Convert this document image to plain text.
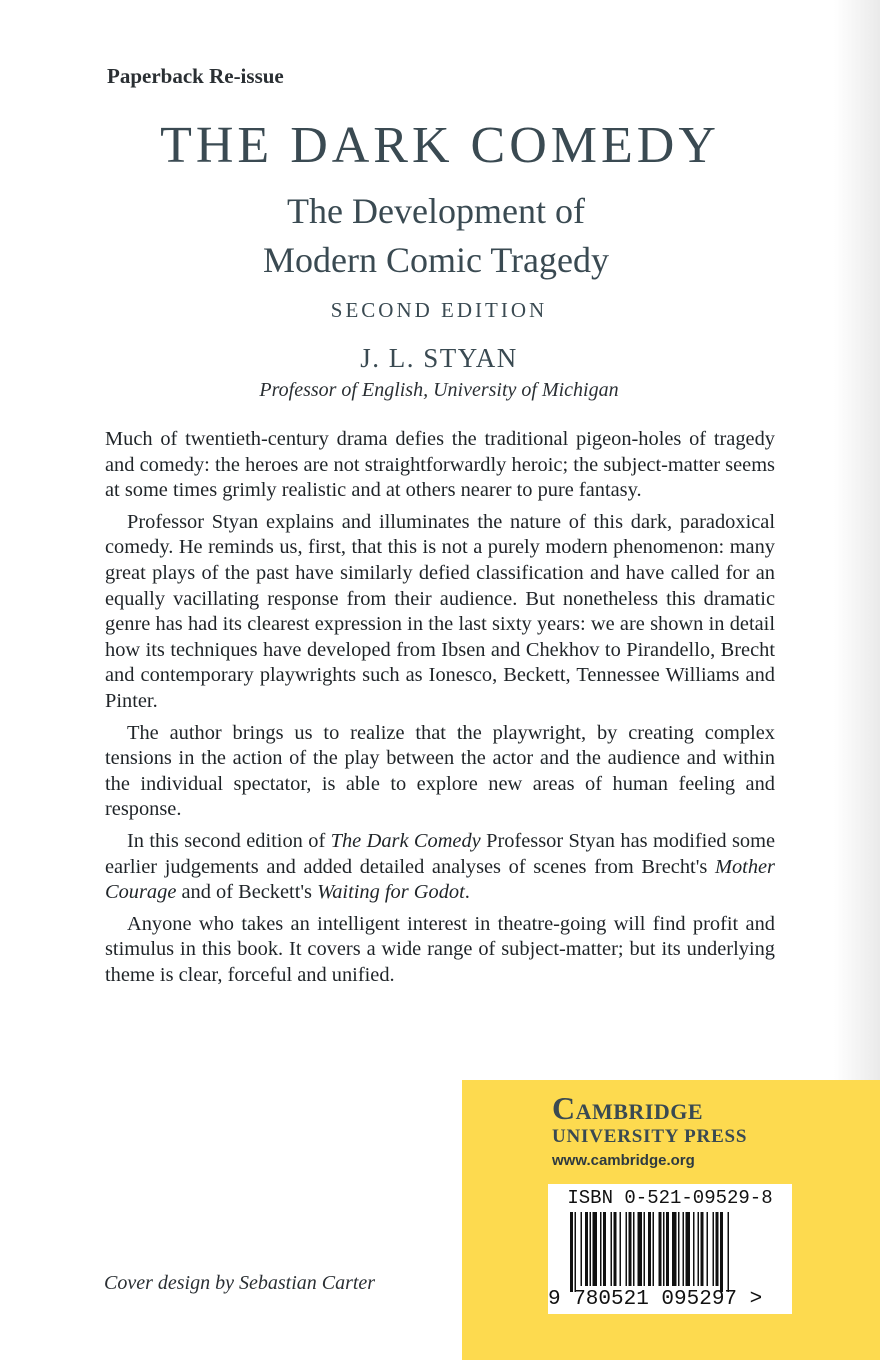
Paperback Re-issue
THE DARK COMEDY
The Development of
Modern Comic Tragedy
SECOND EDITION
J. L. STYAN
Professor of English, University of Michigan

Much of twentieth-century drama defies the traditional pigeon-holes of tragedy and comedy: the heroes are not straightforwardly heroic; the subject-matter seems at some times grimly realistic and at others nearer to pure fantasy.

Professor Styan explains and illuminates the nature of this dark, paradoxical comedy. He reminds us, first, that this is not a purely modern phenomenon: many great plays of the past have similarly defied classification and have called for an equally vacillating response from their audience. But nonetheless this dramatic genre has had its clearest expression in the last sixty years: we are shown in detail how its techniques have developed from Ibsen and Chekhov to Pirandello, Brecht and contemporary playwrights such as Ionesco, Beckett, Tennessee Williams and Pinter.

The author brings us to realize that the playwright, by creating complex tensions in the action of the play between the actor and the audience and within the individual spectator, is able to explore new areas of human feeling and response.

In this second edition of The Dark Comedy Professor Styan has modified some earlier judgements and added detailed analyses of scenes from Brecht's Mother Courage and of Beckett's Waiting for Godot.

Anyone who takes an intelligent interest in theatre-going will find profit and stimulus in this book. It covers a wide range of subject-matter; but its underlying theme is clear, forceful and unified.

Cover design by Sebastian Carter
Cambridge
UNIVERSITY PRESS
www.cambridge.org
ISBN 0-521-09529-8
9 780521 095297 >
